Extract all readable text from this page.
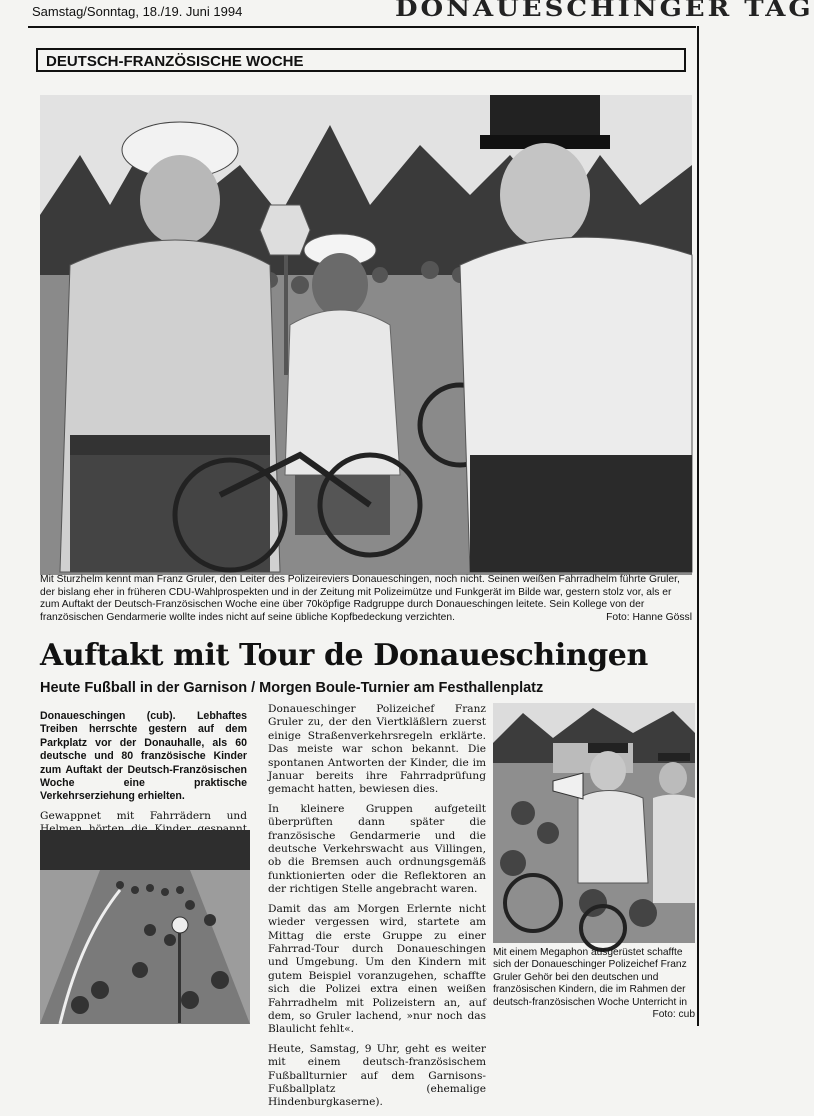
Samstag/Sonntag, 18./19. Juni 1994	DONAUESCHINGER TAG
DEUTSCH-FRANZÖSISCHE WOCHE
Mit Sturzhelm kennt man Franz Gruler, den Leiter des Polizeireviers Donaueschingen, noch nicht. Seinen weißen Fahrradhelm führte Gruler, der bislang eher in früheren CDU-Wahlprospekten und in der Zeitung mit Polizeimütze und Funkgerät im Bilde war, gestern stolz vor, als er zum Auftakt der Deutsch-Französischen Woche eine über 70köpfige Radgruppe durch Donaueschingen leitete. Sein Kollege von der französischen Gendarmerie wollte indes nicht auf seine übliche Kopfbedeckung verzichten.	Foto: Hanne Gössl
Auftakt mit Tour de Donaueschingen
Heute Fußball in der Garnison / Morgen Boule-Turnier am Festhallenplatz

Donaueschingen (cub). Lebhaftes Treiben herrschte gestern auf dem Parkplatz vor der Donauhalle, als 60 deutsche und 80 französische Kinder zum Auftakt der Deutsch-Französischen Woche eine praktische Verkehrserziehung erhielten.

Gewappnet mit Fahrrädern und

Donaueschinger Polizeichef Franz Gruler zu, der den Viertkläßlern zuerst einige Straßenverkehrsregeln erklärte. Das meiste war schon bekannt. Die spontanen Antworten der Kinder, die im Januar bereits ihre Fahrradprüfung gemacht hatten, bewiesen dies.

In kleinere Gruppen aufgeteilt überprüften dann später die französische Gendarmerie und die deutsche Verkehrswacht aus Villingen, ob die Bremsen auch ordnungsgemäß funktionierten oder die Reflektoren an der richtigen Stelle angebracht waren.

Damit das am Morgen Erlernte nicht wieder vergessen wird, startete am Mittag die erste Gruppe zu einer Fahrrad-Tour durch Donaueschingen und Umgebung. Um den Kindern mit gutem Beispiel voranzugehen, schaffte sich die Polizei extra einen weißen Fahrradhelm mit Polizeistern an, auf dem, so Gruler lachend, »nur noch das Blaulicht fehlt«.

Heute, Samstag, 9 Uhr, geht es weiter mit einem deutsch-französischem Fußballturnier auf dem Garnisons-Fußballplatz (ehemalige Hindenburgkaserne).

Mit einem Megaphon ausgerüstet schaffte sich der Donaueschinger Polizeichef Franz Gruler Gehör bei den deutschen und französischen Kindern, die im Rahmen der deutsch-französischen Woche Unterricht in
Foto: cub
